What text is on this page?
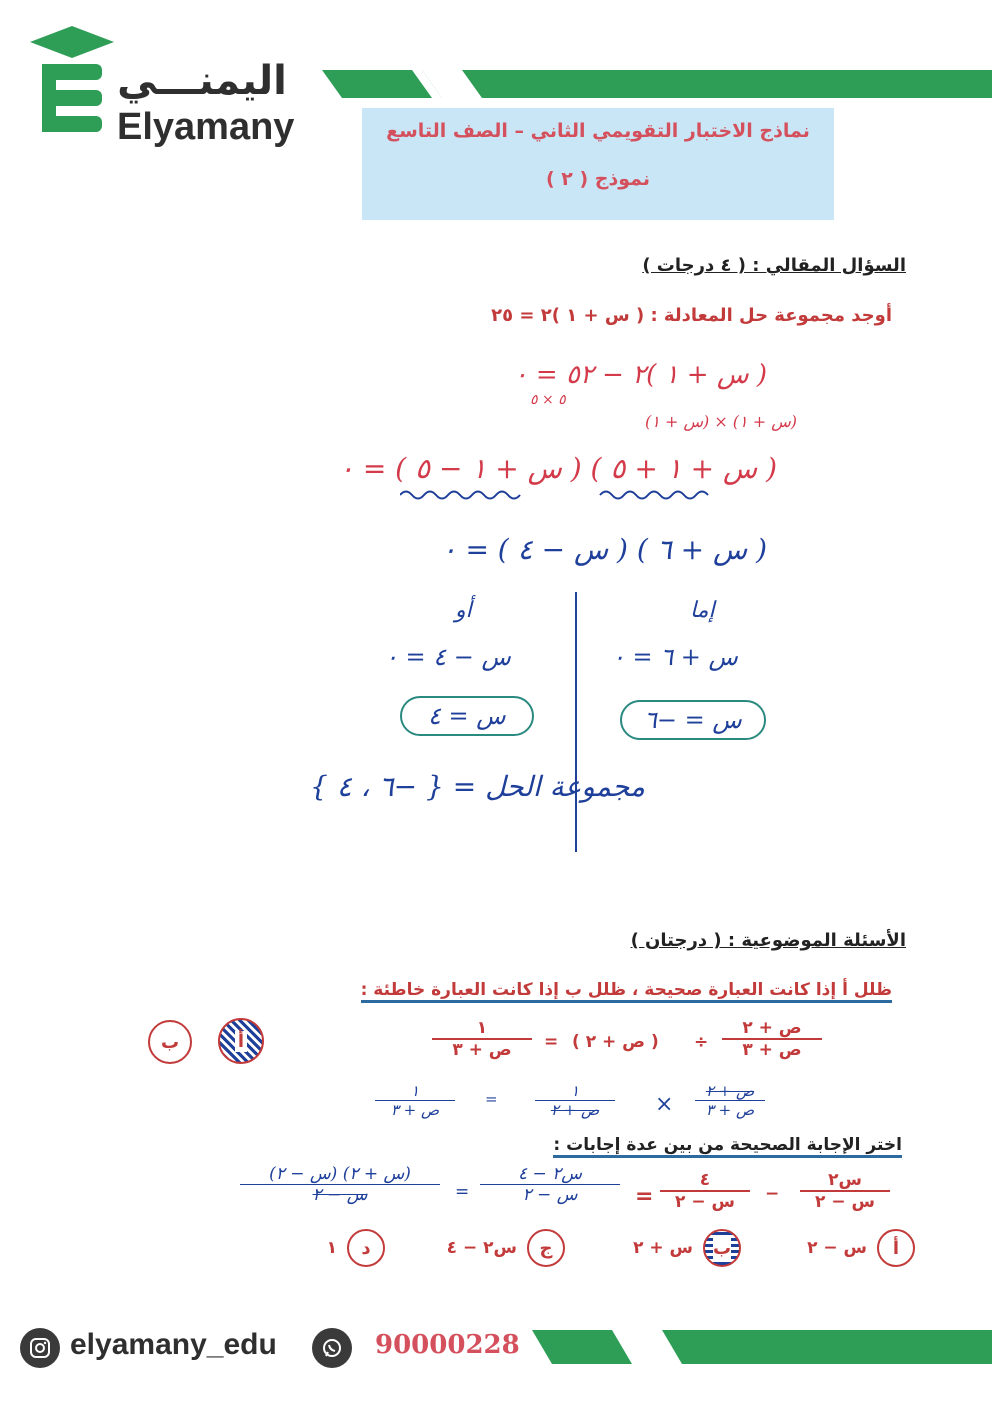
اليمنـــي
Elyamany	نماذج الاختبار التقويمي الثاني – الصف التاسع
نموذج ( ٢ )
السؤال المقالي : ( ٤ درجات )
أوجد مجموعة حل المعادلة : ( س + ١ )٢ = ٢٥
( س + ١ )٢ − ٥٢ = ٠
(س + ١) × (س + ١)
٥ × ٥
( س + ١ + ٥ ) ( س + ١ − ٥ ) = ٠
( س + ٦ ) ( س − ٤ ) = ٠
إما
س + ٦ = ٠
س = −٦
أو
س − ٤ = ٠
س = ٤
مجموعة الحل = { −٦ ، ٤ }
الأسئلة الموضوعية : ( درجتان )
ظلل أ إذا كانت العبارة صحيحة ، ظلل ب إذا كانت العبارة خاطئة :
ص + ٢
ص + ٣
÷
( ص + ٢ )
=
١
ص + ٣
أ
ب
ص + ٢
ص + ٣
×
١
ص + ٢
=
١
ص + ٣
اختر الإجابة الصحيحة من بين عدة إجابات :
س٢
س − ٢
−
٤
س − ٢
=
س٢ − ٤
س − ٢
=
(س + ٢) (س − ٢)
س − ٢
أ
س − ٢
ب
س + ٢
ج
س٢ − ٤
د
١
elyamany_edu	90000228
